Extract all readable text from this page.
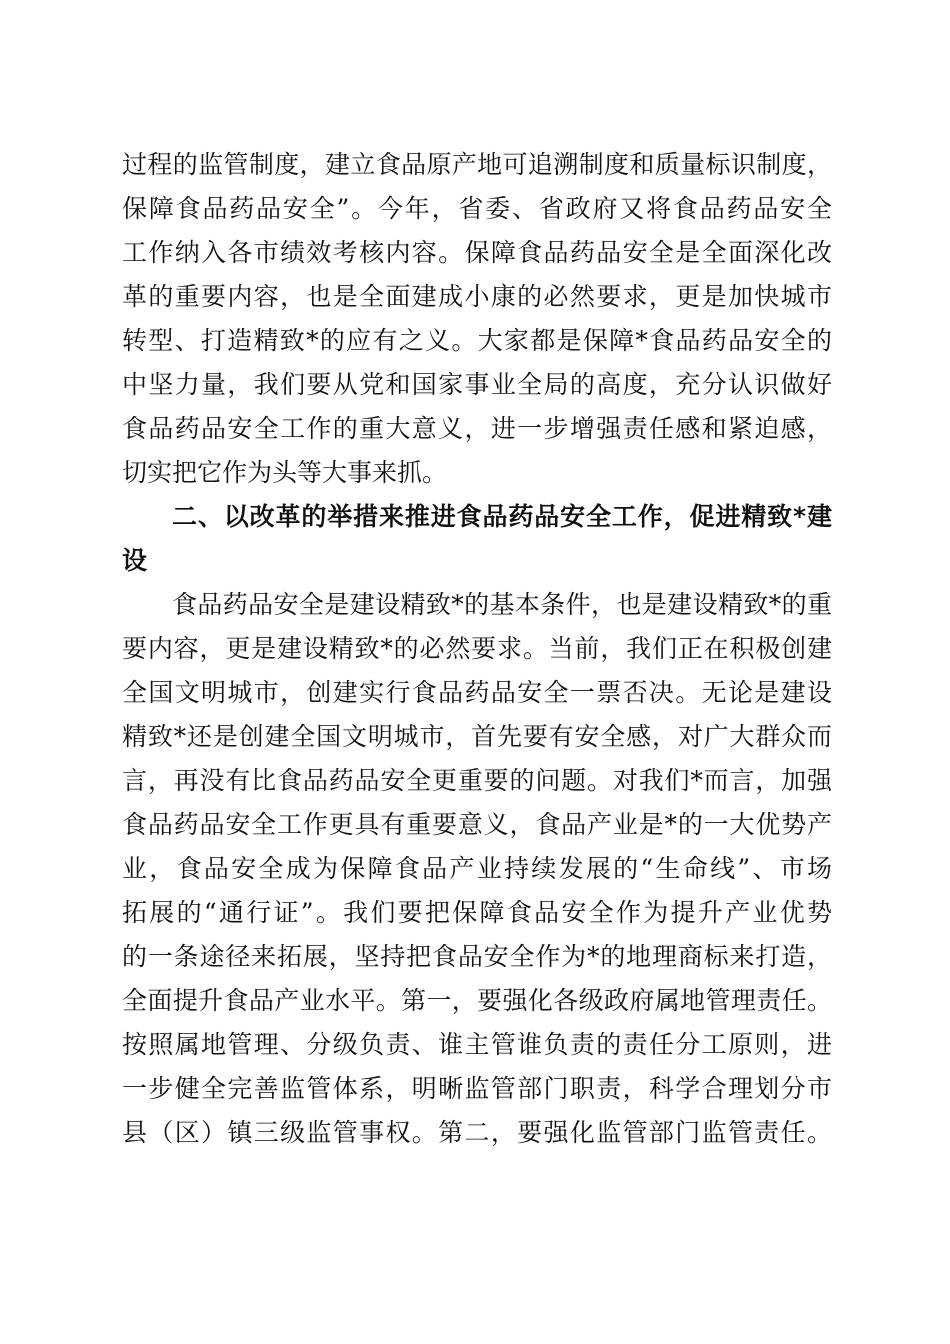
过程的监管制度，建立食品原产地可追溯制度和质量标识制度，
保障食品药品安全”。今年，省委、省政府又将食品药品安全
工作纳入各市绩效考核内容。保障食品药品安全是全面深化改
革的重要内容，也是全面建成小康的必然要求，更是加快城市
转型、打造精致*的应有之义。大家都是保障*食品药品安全的
中坚力量，我们要从党和国家事业全局的高度，充分认识做好
食品药品安全工作的重大意义，进一步增强责任感和紧迫感，
切实把它作为头等大事来抓。
二、以改革的举措来推进食品药品安全工作，促进精致*建
设
食品药品安全是建设精致*的基本条件，也是建设精致*的重
要内容，更是建设精致*的必然要求。当前，我们正在积极创建
全国文明城市，创建实行食品药品安全一票否决。无论是建设
精致*还是创建全国文明城市，首先要有安全感，对广大群众而
言，再没有比食品药品安全更重要的问题。对我们*而言，加强
食品药品安全工作更具有重要意义，食品产业是*的一大优势产
业，食品安全成为保障食品产业持续发展的“生命线”、市场
拓展的“通行证”。我们要把保障食品安全作为提升产业优势
的一条途径来拓展，坚持把食品安全作为*的地理商标来打造，
全面提升食品产业水平。第一，要强化各级政府属地管理责任。
按照属地管理、分级负责、谁主管谁负责的责任分工原则，进
一步健全完善监管体系，明晰监管部门职责，科学合理划分市
县（区）镇三级监管事权。第二，要强化监管部门监管责任。
